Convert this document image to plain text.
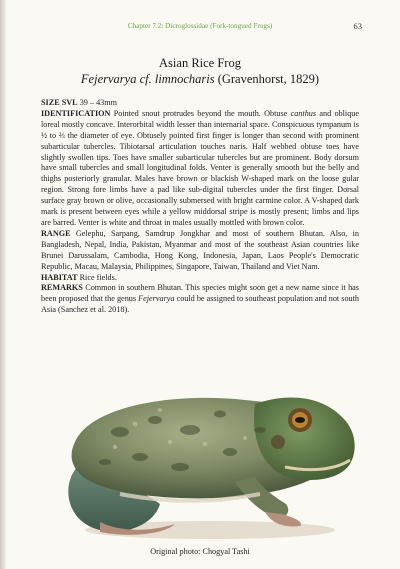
Chapter 7.2: Dicroglossidae (Fork-tongued Frogs)	63
Asian Rice Frog
Fejervarya cf. limnocharis (Gravenhorst, 1829)

SIZE SVL 39 – 43mm

IDENTIFICATION Pointed snout protrudes beyond the mouth. Obtuse canthus and oblique loreal mostly concave. Interorbital width lesser than internarial space. Conspicuous tympanum is ½ to ⅔ the diameter of eye. Obtusely pointed first finger is longer than second with prominent subarticular tubercles. Tibiotarsal articulation touches naris. Half webbed obtuse toes have slightly swollen tips. Toes have smaller subarticular tubercles but are prominent. Body dorsum have small tubercles and small longitudinal folds. Venter is generally smooth but the belly and thighs posteriorly granular. Males have brown or blackish W-shaped mark on the loose gular region. Strong fore limbs have a pad like sub-digital tubercles under the first finger. Dorsal surface gray brown or olive, occasionally submersed with bright carmine color. A V-shaped dark mark is present between eyes while a yellow middorsal stripe is mostly present; limbs and lips are barred. Venter is white and throat in males usually mottled with brown color.

RANGE Gelephu, Sarpang, Samdrup Jongkhar and most of southern Bhutan. Also, in Bangladesh, Nepal, India, Pakistan, Myanmar and most of the southeast Asian countries like Brunei Darussalam, Cambodia, Hong Kong, Indonesia, Japan, Laos People's Democratic Republic, Macau, Malaysia, Philippines, Singapore, Taiwan, Thailand and Viet Nam.

HABITAT Rice fields.

REMARKS Common in southern Bhutan. This species might soon get a new name since it has been proposed that the genus Fejervarya could be assigned to southeast population and not south Asia (Sanchez et al. 2018).

Original photo: Chogyal Tashi
